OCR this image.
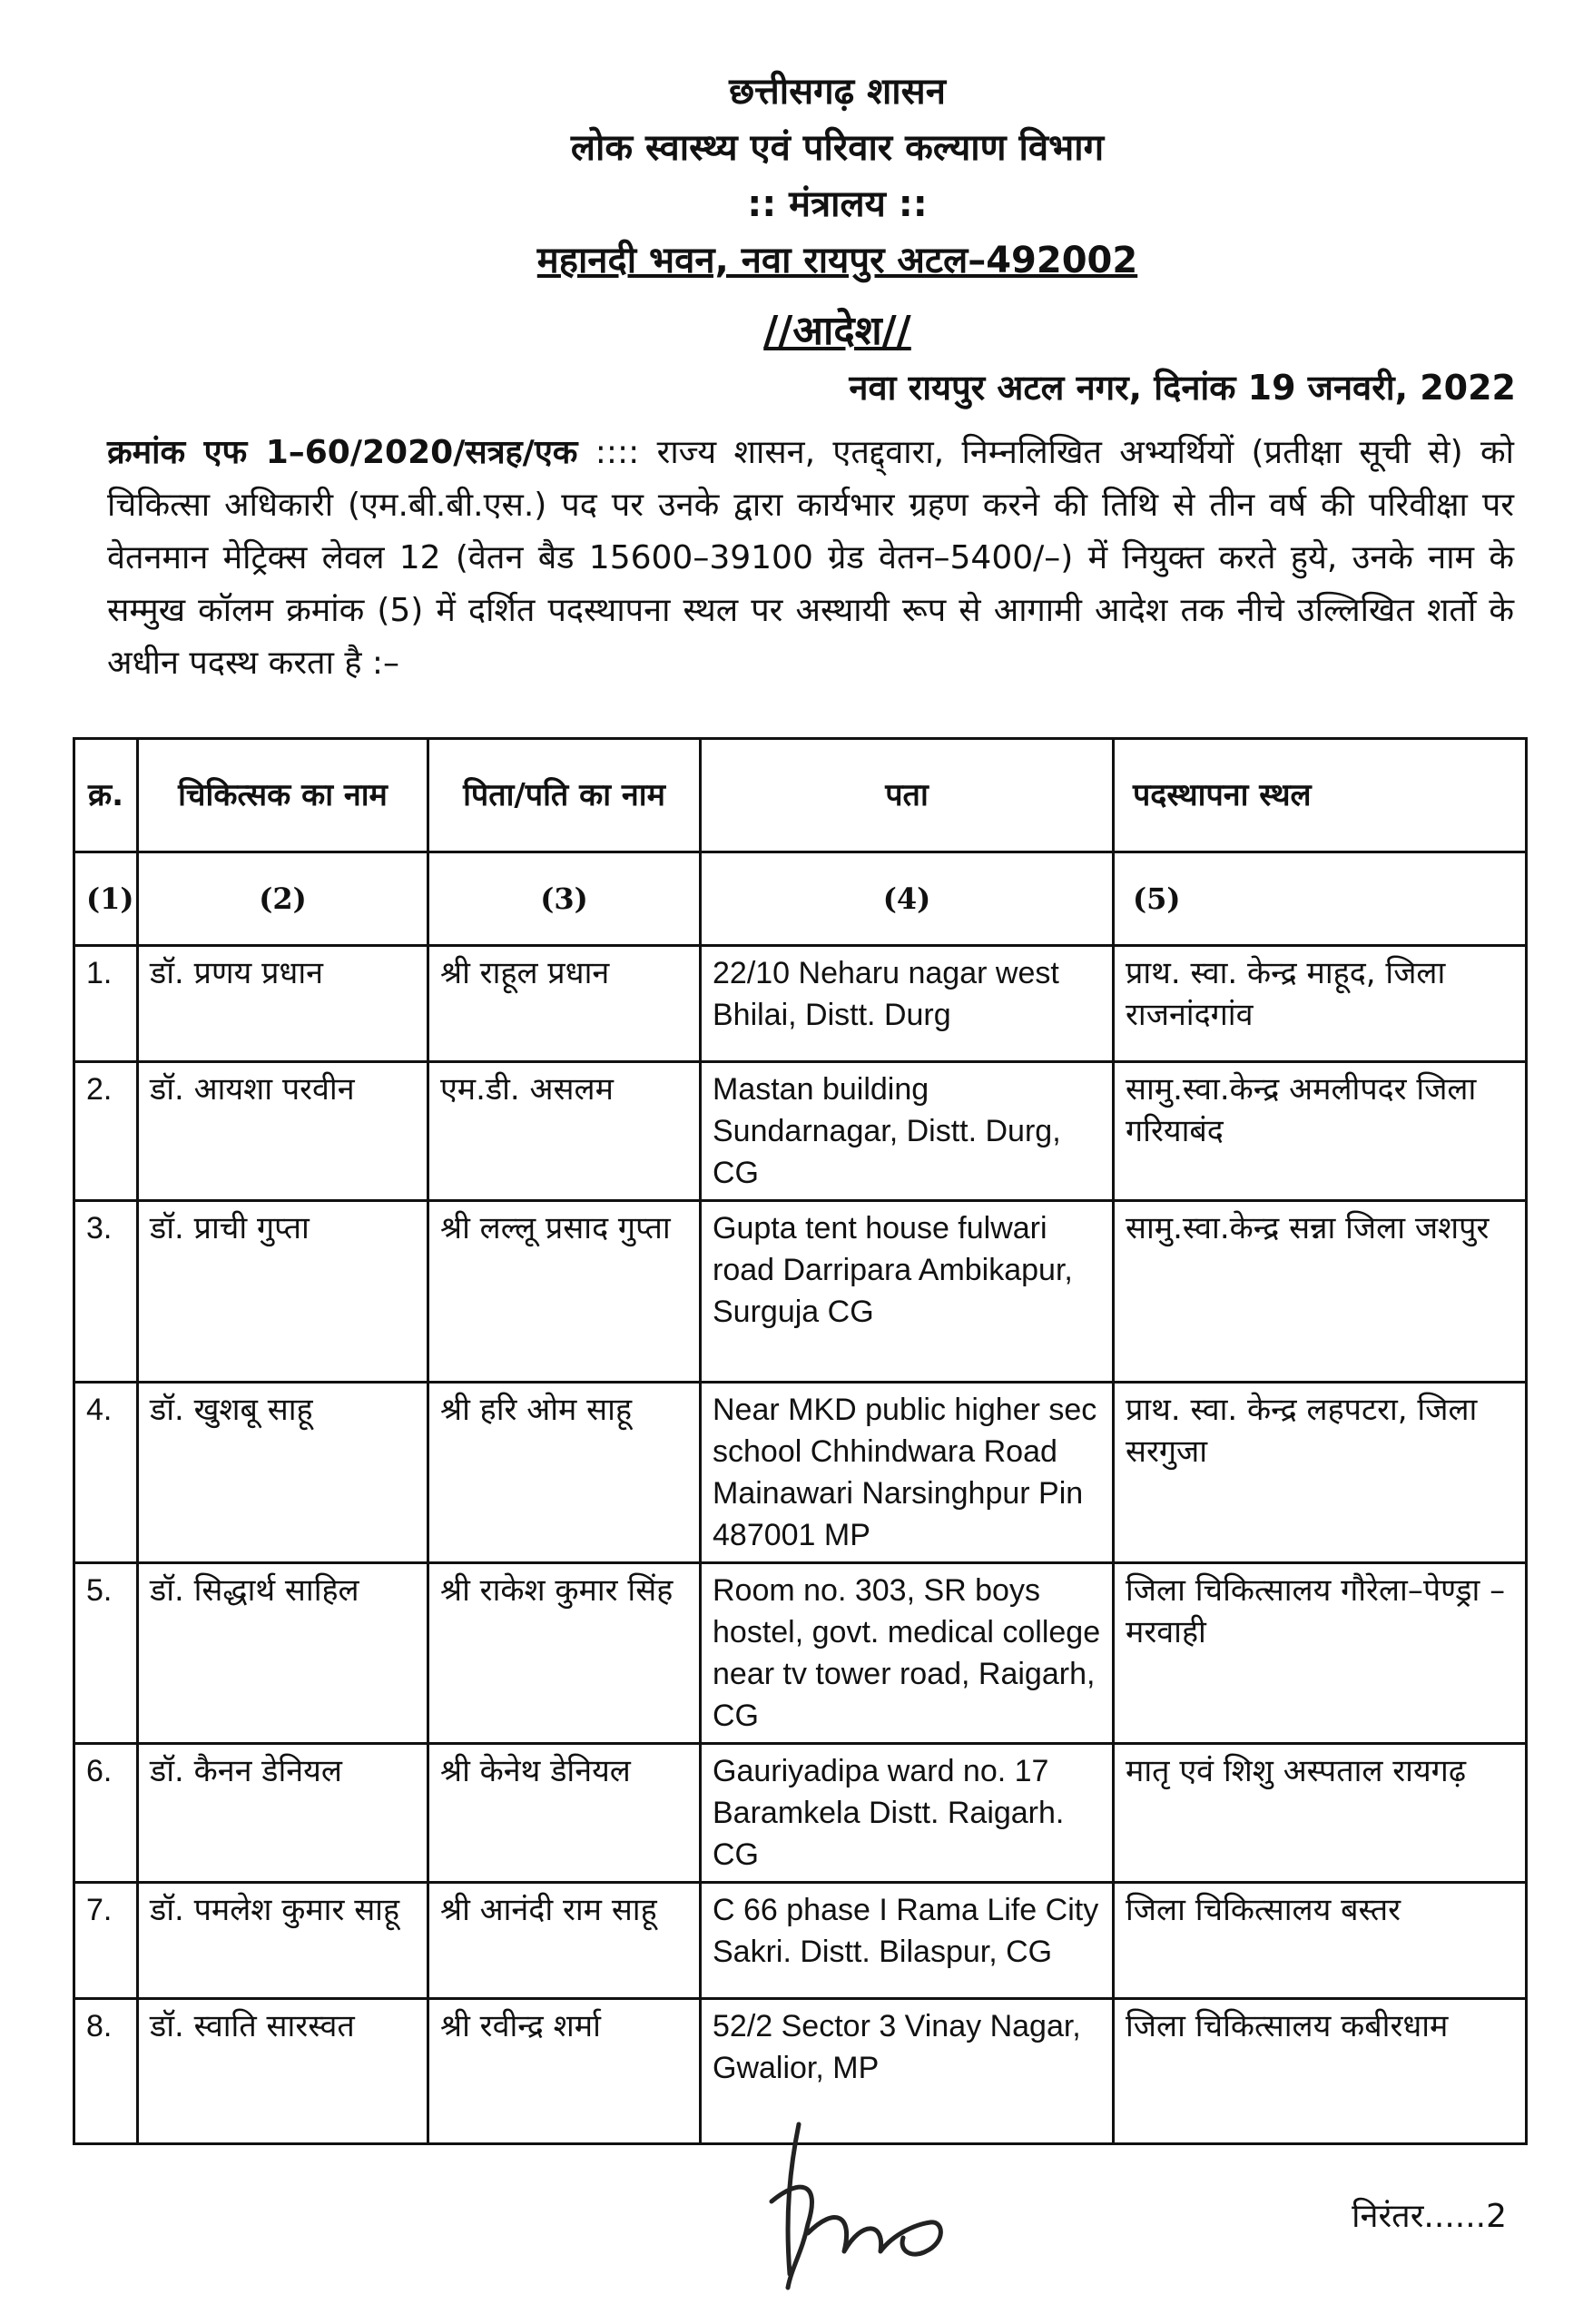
छत्तीसगढ़ शासन
लोक स्वास्थ्य एवं परिवार कल्याण विभाग
:: मंत्रालय ::
महानदी भवन, नवा रायपुर अटल–492002
//आदेश//
नवा रायपुर अटल नगर, दिनांक 19 जनवरी, 2022
क्रमांक एफ 1–60/2020/सत्रह/एक :::: राज्य शासन, एतद्द्वारा, निम्नलिखित अभ्यर्थियों (प्रतीक्षा सूची से) को चिकित्सा अधिकारी (एम.बी.बी.एस.) पद पर उनके द्वारा कार्यभार ग्रहण करने की तिथि से तीन वर्ष की परिवीक्षा पर वेतनमान मेट्रिक्स लेवल 12 (वेतन बैड 15600–39100 ग्रेड वेतन–5400/–) में नियुक्त करते हुये, उनके नाम के सम्मुख कॉलम क्रमांक (5) में दर्शित पदस्थापना स्थल पर अस्थायी रूप से आगामी आदेश तक नीचे उल्लिखित शर्तो के अधीन पदस्थ करता है :–
क्र.	चिकित्सक का नाम	पिता/पति का नाम	पता	पदस्थापना स्थल
(1)	(2)	(3)	(4)	(5)
1.	डॉ. प्रणय प्रधान	श्री राहूल प्रधान	22/10 Neharu nagar west Bhilai, Distt. Durg	प्राथ. स्वा. केन्द्र माहूद, जिला राजनांदगांव
2.	डॉ. आयशा परवीन	एम.डी. असलम	Mastan building Sundarnagar, Distt. Durg, CG	सामु.स्वा.केन्द्र अमलीपदर जिला गरियाबंद
3.	डॉ. प्राची गुप्ता	श्री लल्लू प्रसाद गुप्ता	Gupta tent house fulwari road Darripara Ambikapur, Surguja CG	सामु.स्वा.केन्द्र सन्ना जिला जशपुर
4.	डॉ. खुशबू साहू	श्री हरि ओम साहू	Near MKD public higher sec school Chhindwara Road Mainawari Narsinghpur Pin 487001 MP	प्राथ. स्वा. केन्द्र लहपटरा, जिला सरगुजा
5.	डॉ. सिद्धार्थ साहिल	श्री राकेश कुमार सिंह	Room no. 303, SR boys hostel, govt. medical college near tv tower road, Raigarh, CG	जिला चिकित्सालय गौरेला–पेण्ड्रा –मरवाही
6.	डॉ. कैनन डेनियल	श्री केनेथ डेनियल	Gauriyadipa ward no. 17 Baramkela Distt. Raigarh. CG	मातृ एवं शिशु अस्पताल रायगढ़
7.	डॉ. पमलेश कुमार साहू	श्री आनंदी राम साहू	C 66 phase I Rama Life City Sakri. Distt. Bilaspur, CG	जिला चिकित्सालय बस्तर
8.	डॉ. स्वाति सारस्वत	श्री रवीन्द्र शर्मा	52/2 Sector 3 Vinay Nagar, Gwalior, MP	जिला चिकित्सालय कबीरधाम
निरंतर......2
